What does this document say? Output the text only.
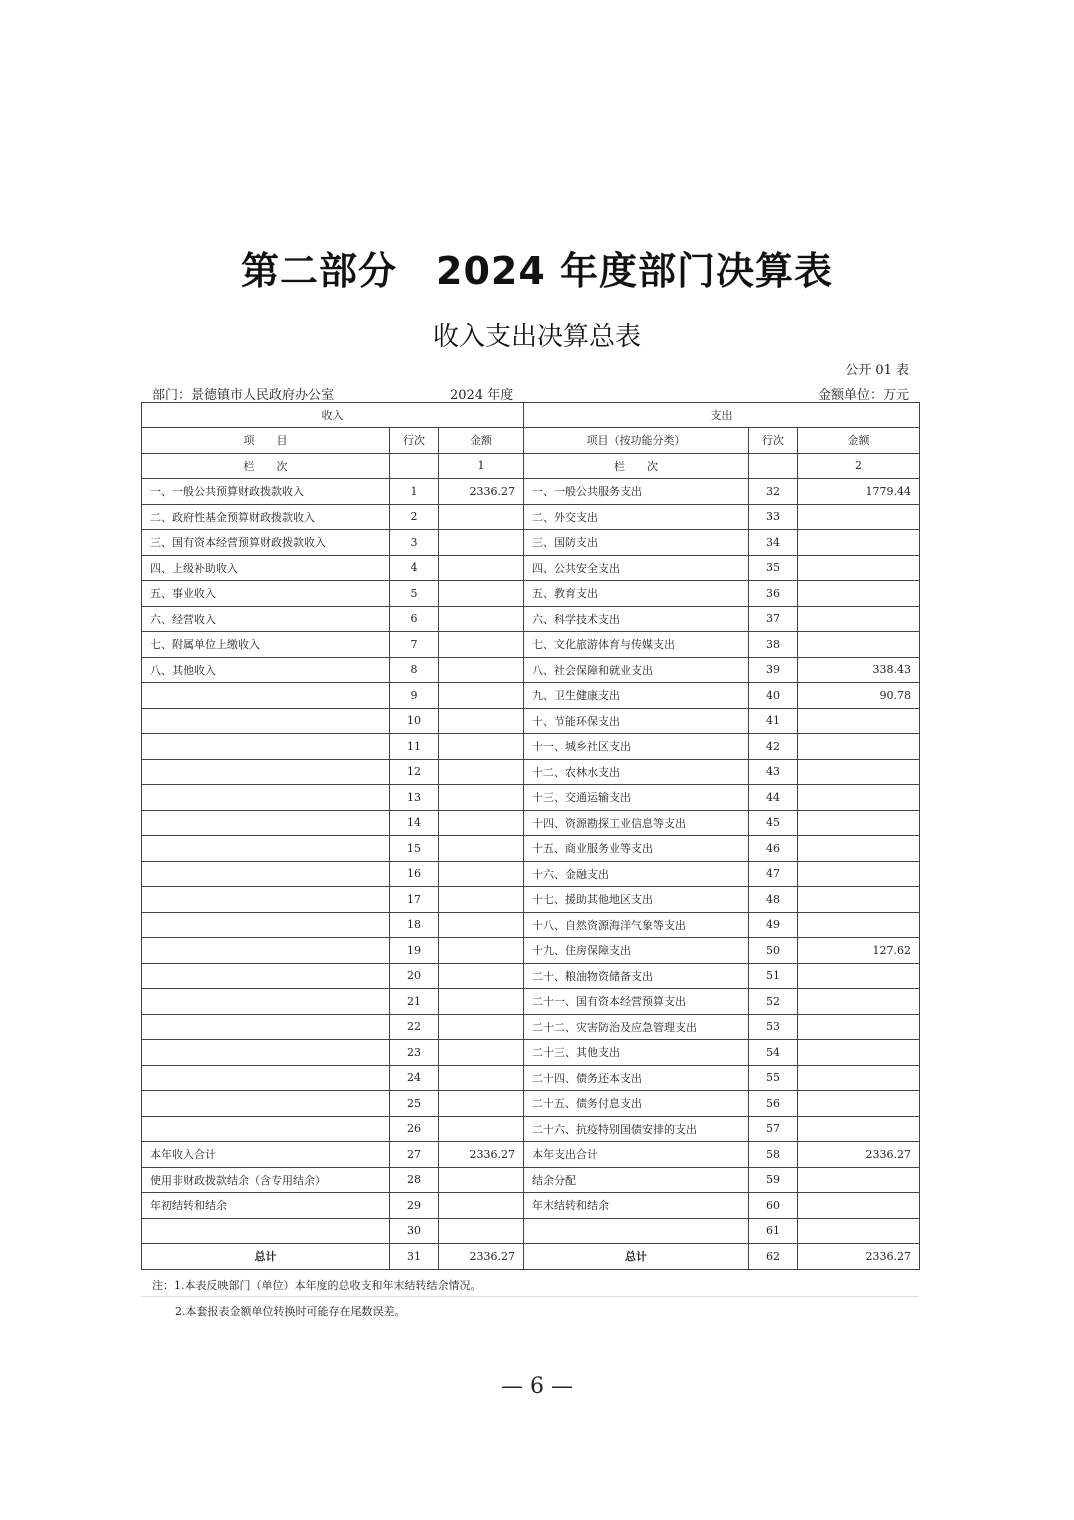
第二部分　2024 年度部门决算表
收入支出决算总表
公开 01 表
部门：景德镇市人民政府办公室	2024 年度	金额单位：万元
收入			支出		
项　　目	行次	金额	项目（按功能分类）	行次	金额
栏　　次		1	栏　　次		2
一、一般公共预算财政拨款收入	1	2336.27	一、一般公共服务支出	32	1779.44
二、政府性基金预算财政拨款收入	2		二、外交支出	33	
三、国有资本经营预算财政拨款收入	3		三、国防支出	34	
四、上级补助收入	4		四、公共安全支出	35	
五、事业收入	5		五、教育支出	36	
六、经营收入	6		六、科学技术支出	37	
七、附属单位上缴收入	7		七、文化旅游体育与传媒支出	38	
八、其他收入	8		八、社会保障和就业支出	39	338.43
	9		九、卫生健康支出	40	90.78
	10		十、节能环保支出	41	
	11		十一、城乡社区支出	42	
	12		十二、农林水支出	43	
	13		十三、交通运输支出	44	
	14		十四、资源勘探工业信息等支出	45	
	15		十五、商业服务业等支出	46	
	16		十六、金融支出	47	
	17		十七、援助其他地区支出	48	
	18		十八、自然资源海洋气象等支出	49	
	19		十九、住房保障支出	50	127.62
	20		二十、粮油物资储备支出	51	
	21		二十一、国有资本经营预算支出	52	
	22		二十二、灾害防治及应急管理支出	53	
	23		二十三、其他支出	54	
	24		二十四、债务还本支出	55	
	25		二十五、债务付息支出	56	
	26		二十六、抗疫特别国债安排的支出	57	
本年收入合计	27	2336.27	本年支出合计	58	2336.27
使用非财政拨款结余（含专用结余）	28		结余分配	59	
年初结转和结余	29		年末结转和结余	60	
	30			61	
总计	31	2336.27	总计	62	2336.27
注：1.本表反映部门（单位）本年度的总收支和年末结转结余情况。
2.本套报表金额单位转换时可能存在尾数误差。
— 6 —
